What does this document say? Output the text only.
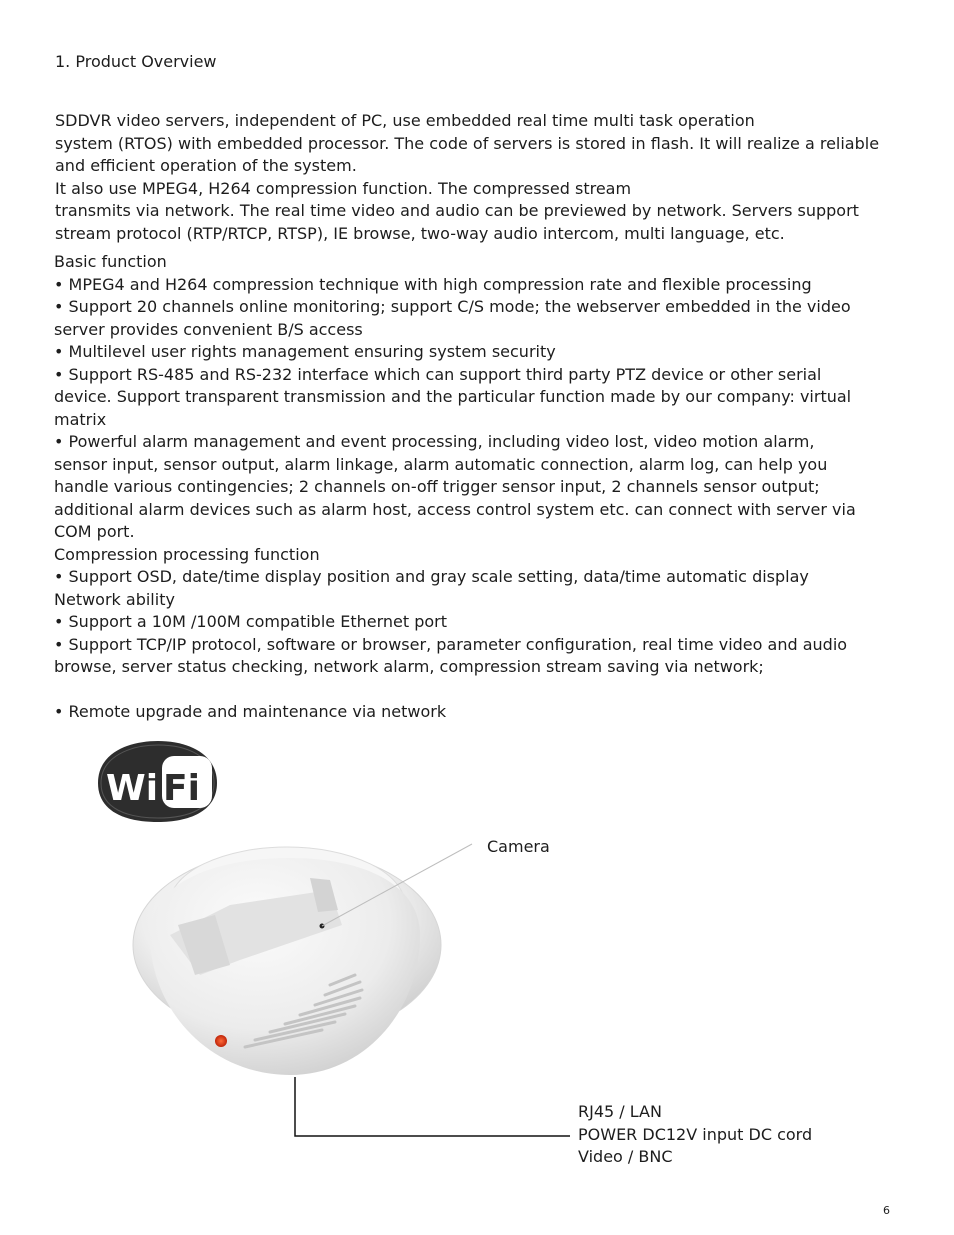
1. Product Overview
SDDVR video servers, independent of PC, use embedded real time multi task operation
system (RTOS) with embedded processor. The code of servers is stored in flash. It will realize a reliable
and efficient operation of the system.
It also use MPEG4, H264 compression function. The compressed stream
transmits via network. The real time video and audio can be previewed by network. Servers support
stream protocol (RTP/RTCP, RTSP), IE browse, two-way audio intercom, multi language, etc.
Basic function
• MPEG4 and H264 compression technique with high compression rate and flexible processing
• Support 20 channels online monitoring; support C/S mode; the webserver embedded in the video
server provides convenient B/S access
• Multilevel user rights management ensuring system security
• Support RS-485 and RS-232 interface which can support third party PTZ device or other serial
device. Support transparent transmission and the particular function made by our company: virtual
matrix
• Powerful alarm management and event processing, including video lost, video motion alarm,
sensor input, sensor output, alarm linkage, alarm automatic connection, alarm log, can help you
handle various contingencies; 2 channels on-off trigger sensor input, 2 channels sensor output;
additional alarm devices such as alarm host, access control system etc. can connect with server via
COM port.
Compression processing function
• Support OSD, date/time display position and gray scale setting, data/time automatic display
Network ability
• Support a 10M /100M compatible Ethernet port
• Support TCP/IP protocol, software or browser, parameter configuration, real time video and audio
browse, server status checking, network alarm, compression stream saving via network;
• Remote upgrade and maintenance via network
Wi Fi
Camera
RJ45 / LAN
POWER DC12V input DC cord
Video / BNC
6
